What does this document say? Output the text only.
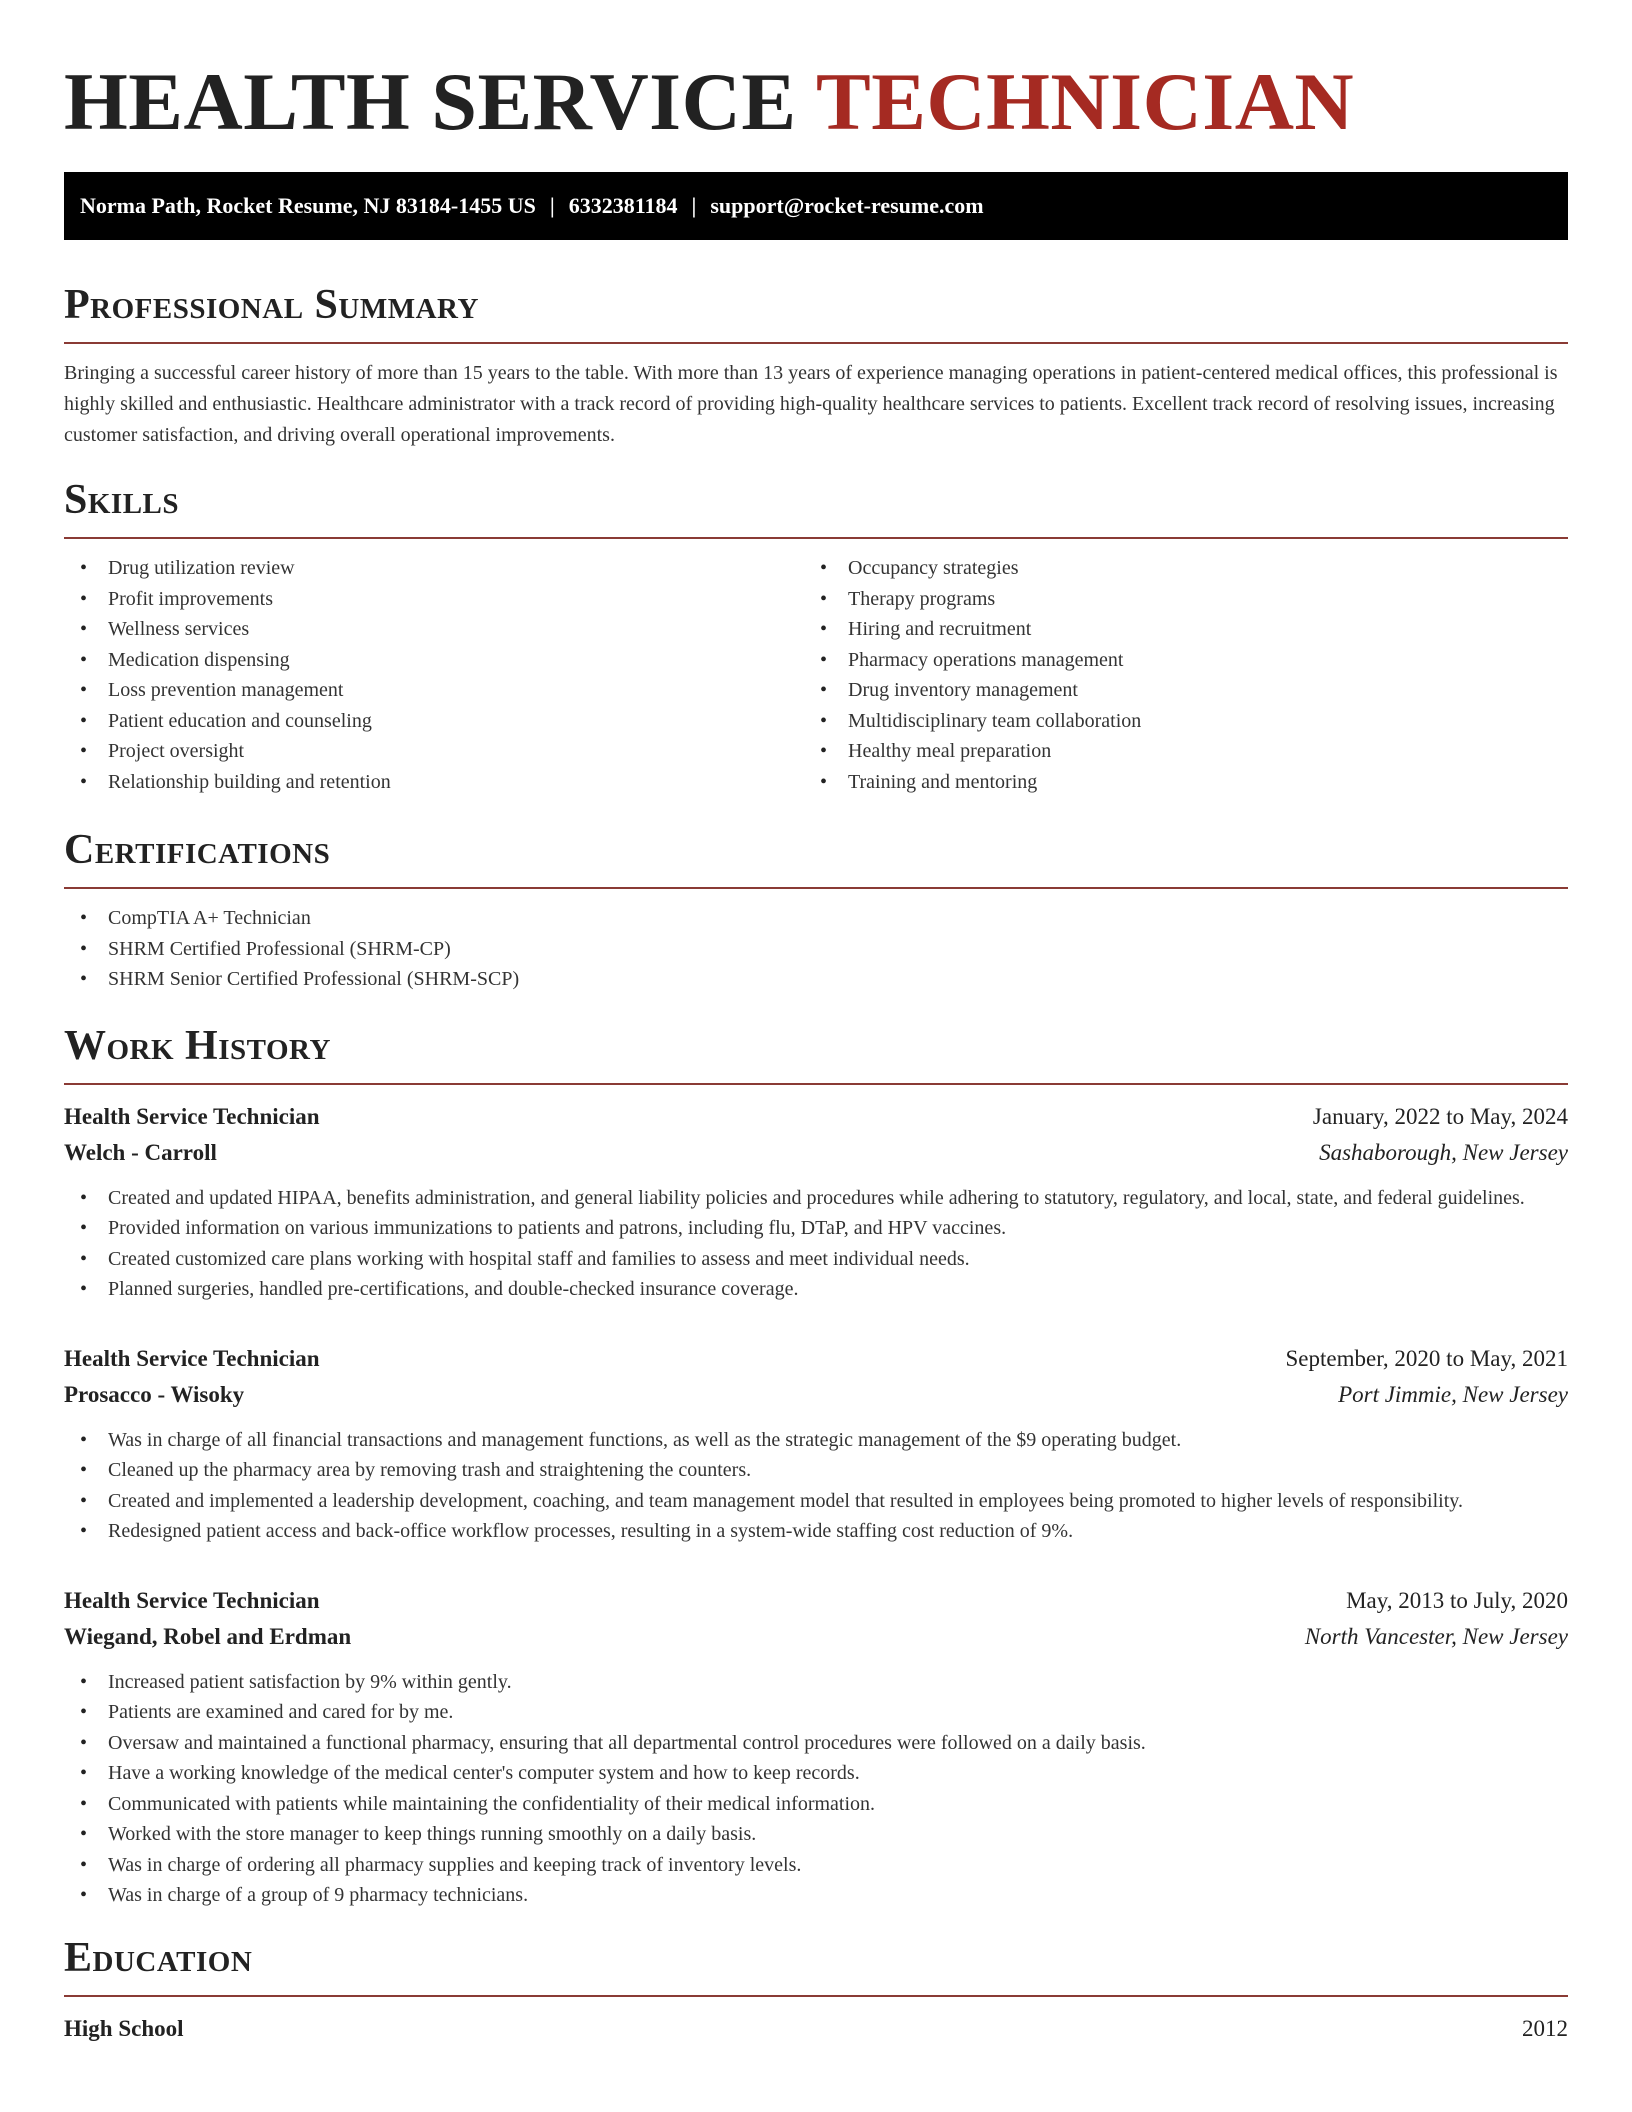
HEALTH SERVICE TECHNICIAN
Norma Path, Rocket Resume, NJ 83184-1455 US | 6332381184 | support@rocket-resume.com
Professional Summary

Bringing a successful career history of more than 15 years to the table. With more than 13 years of experience managing operations in patient-centered medical offices, this professional is highly skilled and enthusiastic. Healthcare administrator with a track record of providing high-quality healthcare services to patients. Excellent track record of resolving issues, increasing customer satisfaction, and driving overall operational improvements.

Skills
• Drug utilization review
• Profit improvements
• Wellness services
• Medication dispensing
• Loss prevention management
• Patient education and counseling
• Project oversight
• Relationship building and retention
• Occupancy strategies
• Therapy programs
• Hiring and recruitment
• Pharmacy operations management
• Drug inventory management
• Multidisciplinary team collaboration
• Healthy meal preparation
• Training and mentoring
Certifications
• CompTIA A+ Technician
• SHRM Certified Professional (SHRM-CP)
• SHRM Senior Certified Professional (SHRM-SCP)
Work History
Health Service Technician	January, 2022 to May, 2024
Welch - Carroll	Sashaborough, New Jersey
• Created and updated HIPAA, benefits administration, and general liability policies and procedures while adhering to statutory, regulatory, and local, state, and federal guidelines.
• Provided information on various immunizations to patients and patrons, including flu, DTaP, and HPV vaccines.
• Created customized care plans working with hospital staff and families to assess and meet individual needs.
• Planned surgeries, handled pre-certifications, and double-checked insurance coverage.
Health Service Technician	September, 2020 to May, 2021
Prosacco - Wisoky	Port Jimmie, New Jersey
• Was in charge of all financial transactions and management functions, as well as the strategic management of the $9 operating budget.
• Cleaned up the pharmacy area by removing trash and straightening the counters.
• Created and implemented a leadership development, coaching, and team management model that resulted in employees being promoted to higher levels of responsibility.
• Redesigned patient access and back-office workflow processes, resulting in a system-wide staffing cost reduction of 9%.
Health Service Technician	May, 2013 to July, 2020
Wiegand, Robel and Erdman	North Vancester, New Jersey
• Increased patient satisfaction by 9% within gently.
• Patients are examined and cared for by me.
• Oversaw and maintained a functional pharmacy, ensuring that all departmental control procedures were followed on a daily basis.
• Have a working knowledge of the medical center's computer system and how to keep records.
• Communicated with patients while maintaining the confidentiality of their medical information.
• Worked with the store manager to keep things running smoothly on a daily basis.
• Was in charge of ordering all pharmacy supplies and keeping track of inventory levels.
• Was in charge of a group of 9 pharmacy technicians.
Education
High School	2012
